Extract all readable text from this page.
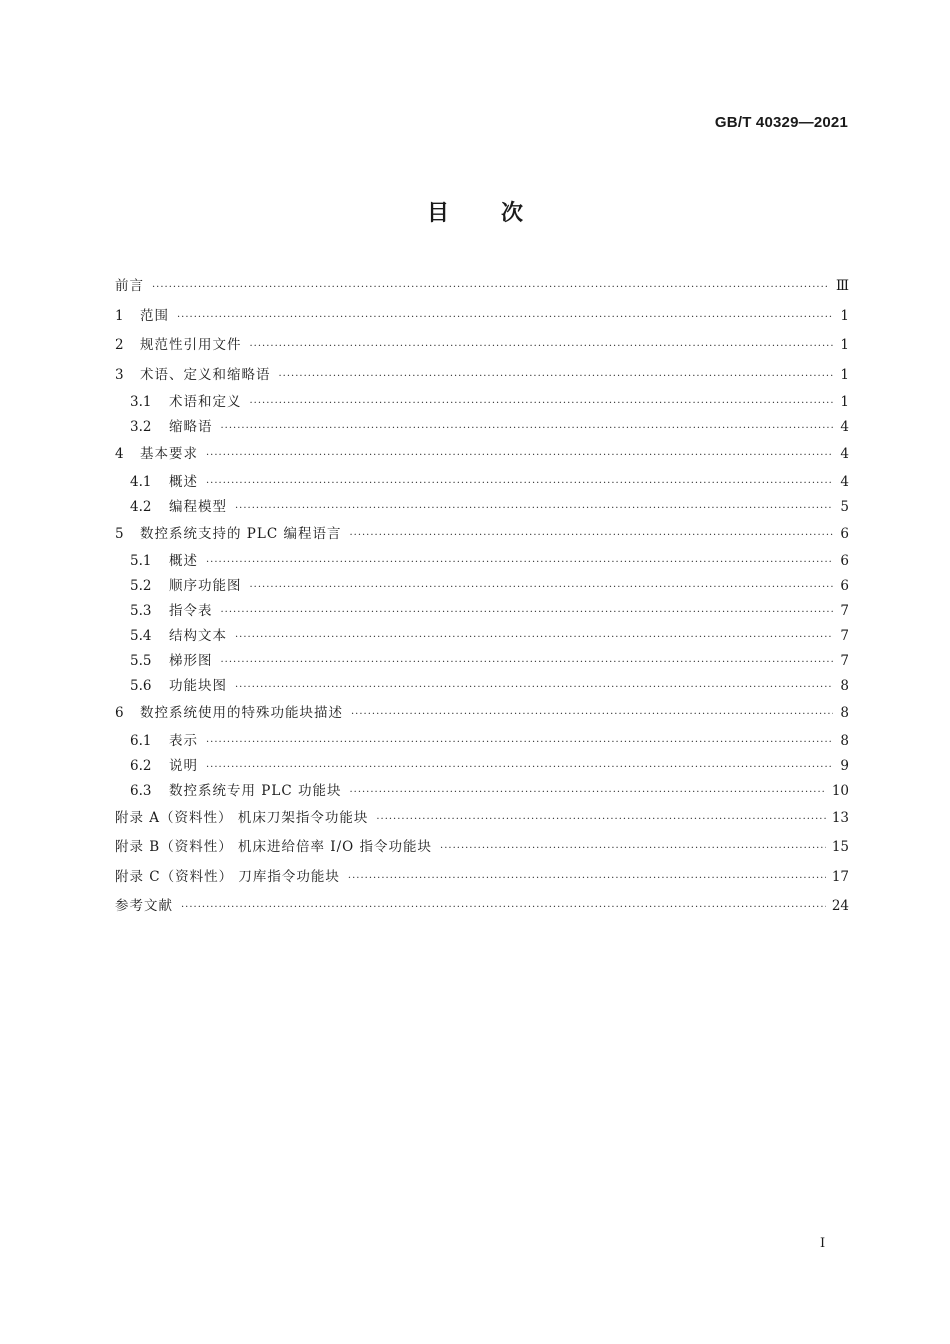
GB/T 40329—2021
目 次
前言 ·····	Ⅲ
1	范围 ·····	1
2	规范性引用文件 ·····	1
3	术语、定义和缩略语 ·····	1
3.1	术语和定义 ·····	1
3.2	缩略语 ·····	4
4	基本要求 ·····	4
4.1	概述 ·····	4
4.2	编程模型 ·····	5
5	数控系统支持的 PLC 编程语言 ·····	6
5.1	概述 ·····	6
5.2	顺序功能图 ·····	6
5.3	指令表 ·····	7
5.4	结构文本 ·····	7
5.5	梯形图 ·····	7
5.6	功能块图 ·····	8
6	数控系统使用的特殊功能块描述 ·····	8
6.1	表示 ·····	8
6.2	说明 ·····	9
6.3	数控系统专用 PLC 功能块 ·····	10
附录 A（资料性） 机床刀架指令功能块 ·····	13
附录 B（资料性） 机床进给倍率 I/O 指令功能块 ·····	15
附录 C（资料性） 刀库指令功能块 ·····	17
参考文献 ·····	24
I
